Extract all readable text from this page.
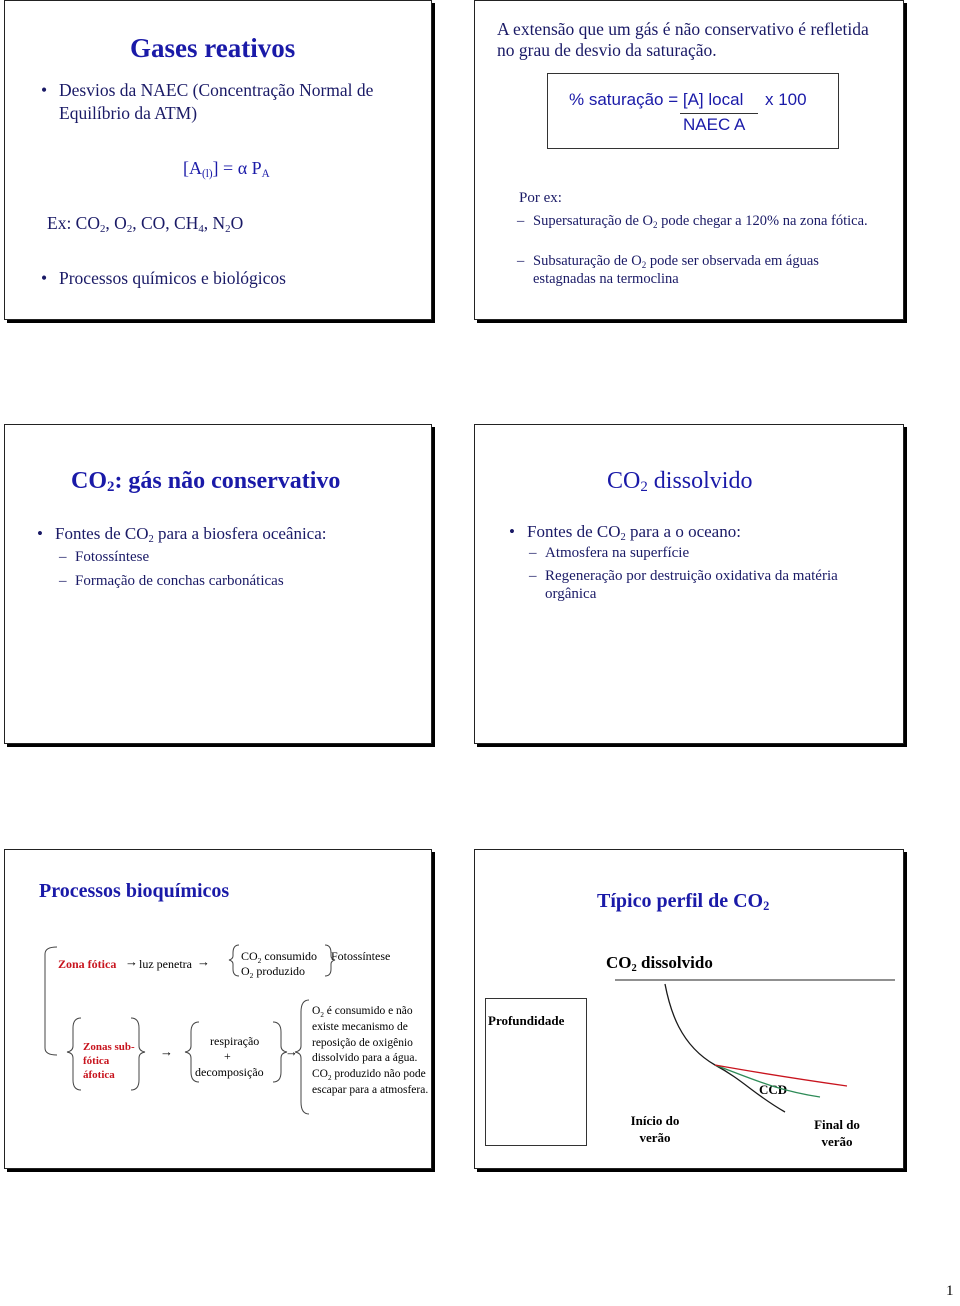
Gases reativos
• Desvios da NAEC (Concentração Normal de Equilíbrio da ATM)
$[A_{(l)}] = \alpha$ $P_A$
Ex: $CO_2$, $O_2$, CO, $CH_4$, $N_2O$
• Processos químicos e biológicos
A extensão que um gás é não conservativo é refletida no grau de desvio da saturação.
% saturação = [A] local x 100
NAEC A
Por ex:
– Supersaturação de $O_2$ pode chegar a 120% na zona fótica.
– Subsaturação de $O_2$ pode ser observada em águas estagnadas na termoclina
$CO_2$: gás não conservativo
• Fontes de $CO_2$ para a biosfera oceânica:
– Fotossíntese
– Formação de conchas carbonáticas
$CO_2$ dissolvido
• Fontes de $CO_2$ para a o oceano:
– Atmosfera na superfície
– Regeneração por destruição oxidativa da matéria orgânica
Processos bioquímicos
Zona fótica → luz penetra →	$CO_2$ consumido
$O_2$ produzido
Fotossíntese
Zonas sub-fótica áfotica
→
respiração
+
decomposição
→
$O_2$ é consumido e não existe mecanismo de reposição de oxigênio dissolvido para a água. $CO_2$ produzido não pode escapar para a atmosfera.
Típico perfil de $CO_2$
$CO_2$ dissolvido
Profundidade
CCD
Início do verão
Final do verão
1
